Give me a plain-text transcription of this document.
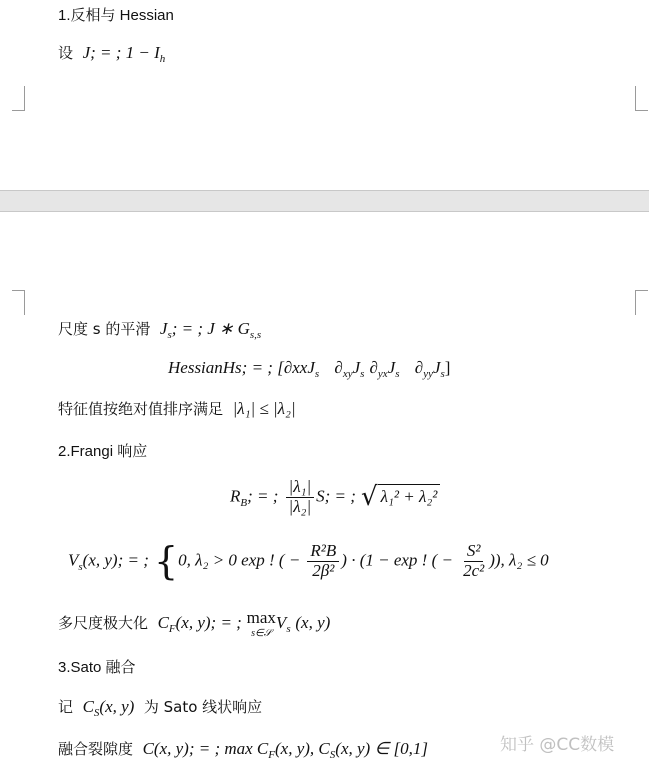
1.反相与 Hessian
设 J; = ; $1 - I_h$
尺度 s 的平滑 $J_s$; = ; J ∗ $G_{s,s}$
HessianHs; = ; [∂xxJ$_s$ $\partial_{xy}J_s$ $\partial_{yx}J_s$ $\partial_{yy}J_s$]
特征值按绝对值排序满足 |λ₁| ≤ |λ₂|
2.Frangi 响应
$R_B$; = ; $\frac{\text{|λ₁|}}{\text{|λ₂|}} S$; = ; √ λ₁² + λ₂²
$V_s(x$, y); = ; {0, λ₂ > 0 exp ! ( − $\frac{\text{R²B}}{\text{2β²}}$ ) · (1 − exp ! ( − $\frac{\text{S²}}{\text{2c²}}$ )), λ₂ ≤ 0
多尺度极大化 $C_F(x$, y); = ; max
s∈𝒮
$V_s$ (x, y)
3.Sato 融合
记 $C_S(x$, y) 为 Sato 线状响应
融合裂隙度 C(x, y); = ; $\max C_F(x$, y), $C_S(x$, y) ∈ [0,1]	知乎 @CC数模
